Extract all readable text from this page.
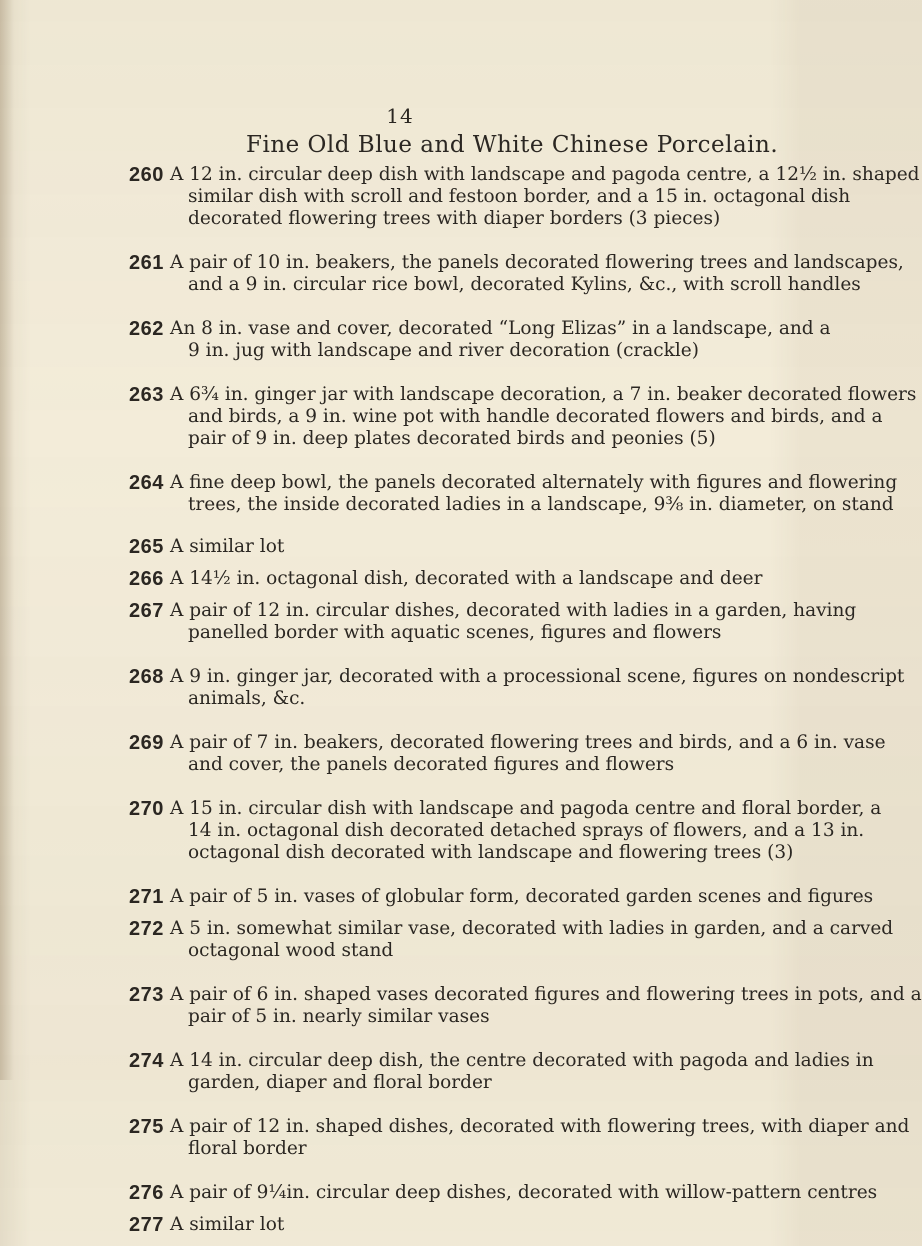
14
Fine Old Blue and White Chinese Porcelain.
260 A 12 in. circular deep dish with landscape and pagoda centre, a 12½ in. shaped
similar dish with scroll and festoon border, and a 15 in. octagonal dish
decorated flowering trees with diaper borders (3 pieces)
261 A pair of 10 in. beakers, the panels decorated flowering trees and landscapes,
and a 9 in. circular rice bowl, decorated Kylins, &c., with scroll handles
262 An 8 in. vase and cover, decorated “Long Elizas” in a landscape, and a
9 in. jug with landscape and river decoration (crackle)
263 A 6¾ in. ginger jar with landscape decoration, a 7 in. beaker decorated flowers
and birds, a 9 in. wine pot with handle decorated flowers and birds, and a
pair of 9 in. deep plates decorated birds and peonies (5)
264 A fine deep bowl, the panels decorated alternately with figures and flowering
trees, the inside decorated ladies in a landscape, 9⅜ in. diameter, on stand
265 A similar lot
266 A 14½ in. octagonal dish, decorated with a landscape and deer
267 A pair of 12 in. circular dishes, decorated with ladies in a garden, having
panelled border with aquatic scenes, figures and flowers
268 A 9 in. ginger jar, decorated with a processional scene, figures on nondescript
animals, &c.
269 A pair of 7 in. beakers, decorated flowering trees and birds, and a 6 in. vase
and cover, the panels decorated figures and flowers
270 A 15 in. circular dish with landscape and pagoda centre and floral border, a
14 in. octagonal dish decorated detached sprays of flowers, and a 13 in.
octagonal dish decorated with landscape and flowering trees (3)
271 A pair of 5 in. vases of globular form, decorated garden scenes and figures
272 A 5 in. somewhat similar vase, decorated with ladies in garden, and a carved
octagonal wood stand
273 A pair of 6 in. shaped vases decorated figures and flowering trees in pots, and a
pair of 5 in. nearly similar vases
274 A 14 in. circular deep dish, the centre decorated with pagoda and ladies in
garden, diaper and floral border
275 A pair of 12 in. shaped dishes, decorated with flowering trees, with diaper and
floral border
276 A pair of 9¼in. circular deep dishes, decorated with willow-pattern centres
277 A similar lot
